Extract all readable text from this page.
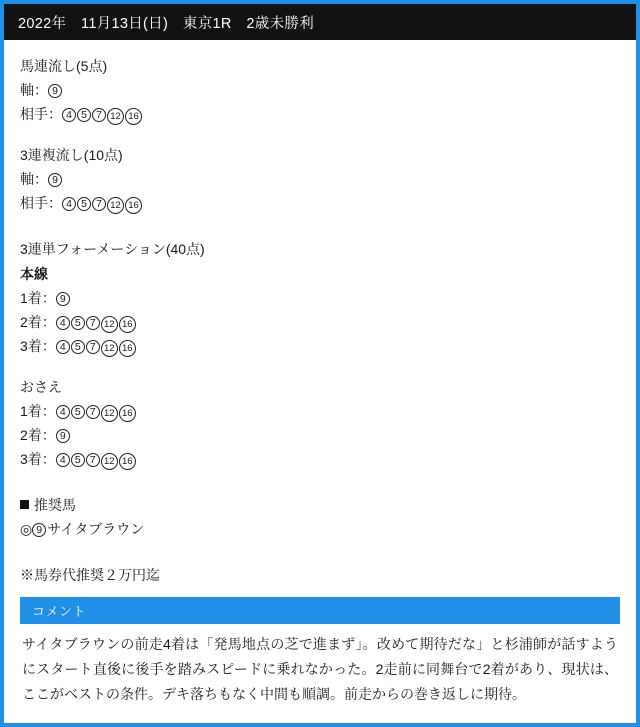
2022年　11月13日(日)　東京1R　2歳未勝利
馬連流し(5点)
軸： 9
相手： 4 5 7 12 16
3連複流し(10点)
軸： 9
相手： 4 5 7 12 16
3連単フォーメーション(40点)
本線
1着： 9
2着： 4 5 7 12 16
3着： 4 5 7 12 16
おさえ
1着： 4 5 7 12 16
2着： 9
3着： 4 5 7 12 16
推奨馬
◎ 9 サイタブラウン
※馬券代推奨２万円迄
コメント
サイタブラウンの前走4着は「発馬地点の芝で進まず」。改めて期待だな」と杉浦師が話すようにスタート直後に後手を踏みスピードに乗れなかった。2走前に同舞台で2着があり、現状は、ここがベストの条件。デキ落ちもなく中間も順調。前走からの巻き返しに期待。
